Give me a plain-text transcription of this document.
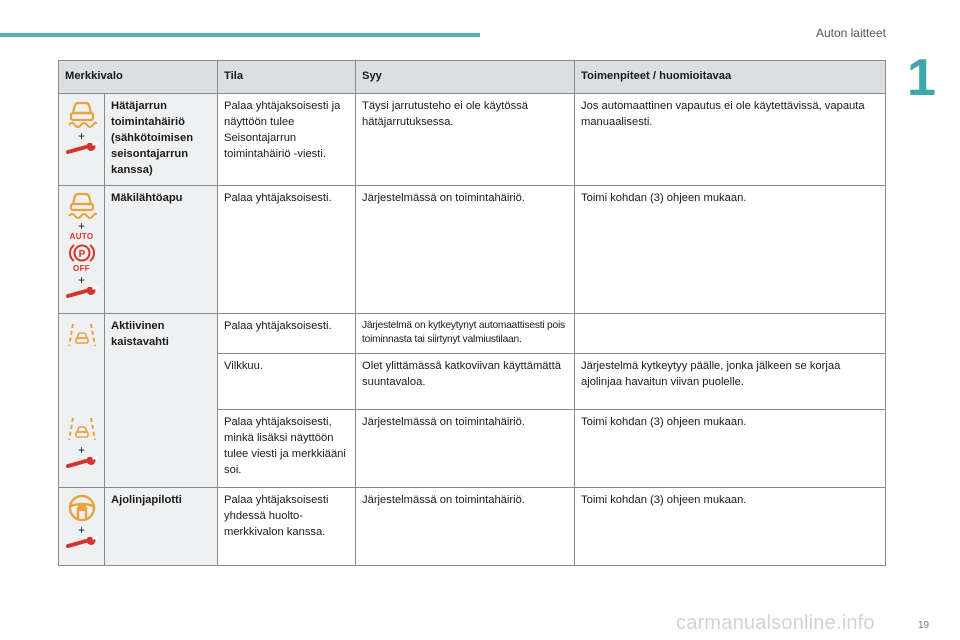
Auton laitteet
1
Merkkivalo		Tila	Syy	Toimenpiteet / huomioitavaa

+	Hätäjarrun toimintahäiriö (sähkötoimisen seisontajarrun kanssa)	Palaa yhtäjaksoisesti ja näyttöön tulee Seisontajarrun toimintahäiriö -viesti.	Täysi jarrutusteho ei ole käytössä hätäjarrutuksessa.	Jos automaattinen vapautus ei ole käytettävissä, vapauta manuaalisesti.

+
AUTO
P
OFF
+	Mäkilähtöapu	Palaa yhtäjaksoisesti.	Järjestelmässä on toimintahäiriö.	Toimi kohdan (3) ohjeen mukaan.

+	Aktiivinen kaistavahti	Palaa yhtäjaksoisesti.	Järjestelmä on kytkeytynyt automaattisesti pois toiminnasta tai siirtynyt valmiustilaan.	
		Vilkkuu.	Olet ylittämässä katkoviivan käyttämättä suuntavaloa.	Järjestelmä kytkeytyy päälle, jonka jälkeen se korjaa ajolinjaa havaitun viivan puolelle.
		Palaa yhtäjaksoisesti, minkä lisäksi näyttöön tulee viesti ja merkkiääni soi.	Järjestelmässä on toimintahäiriö.	Toimi kohdan (3) ohjeen mukaan.

+	Ajolinjapilotti	Palaa yhtäjaksoisesti yhdessä huolto-merkkivalon kanssa.	Järjestelmässä on toimintahäiriö.	Toimi kohdan (3) ohjeen mukaan.
carmanualsonline.info	19
